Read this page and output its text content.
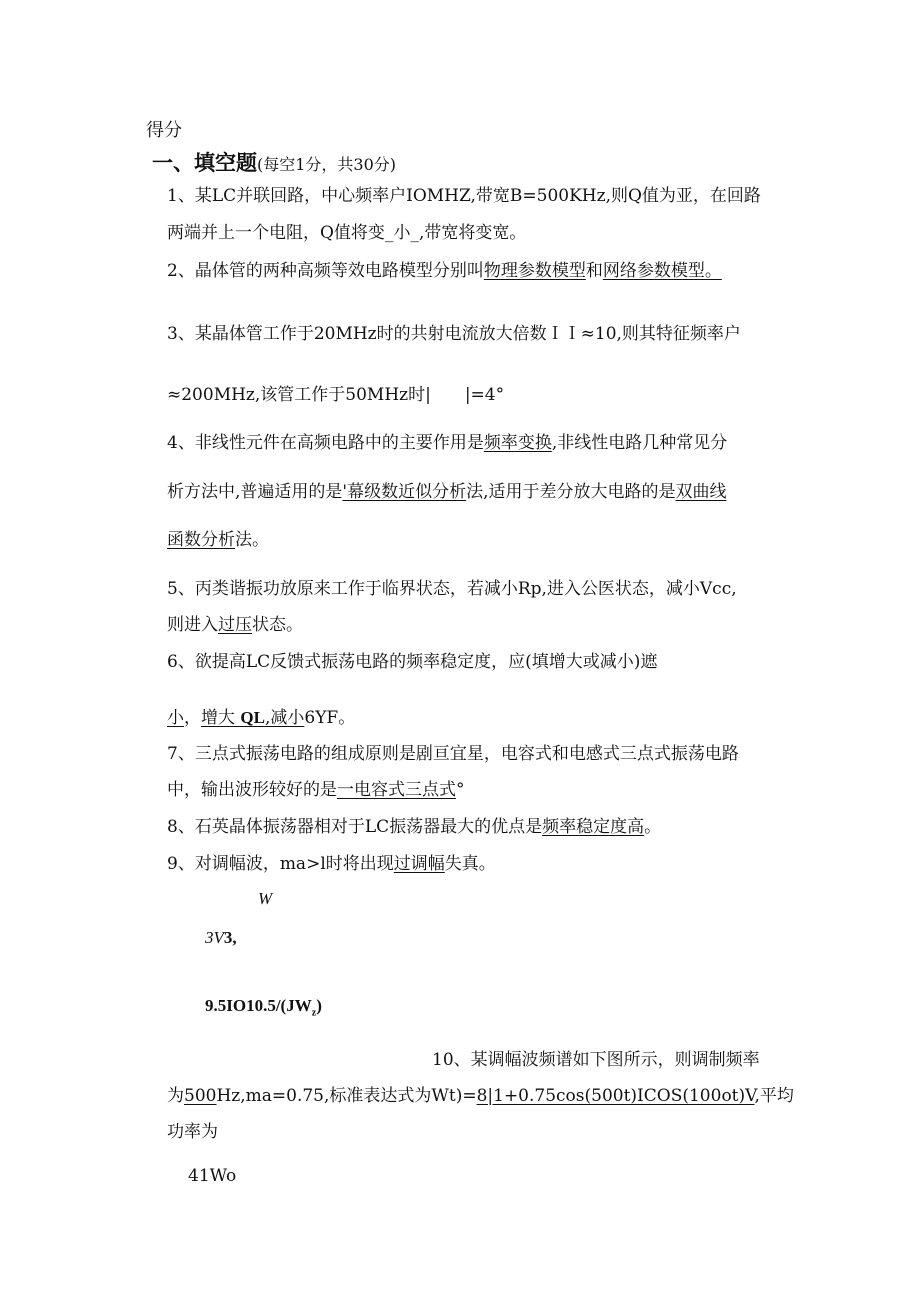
得分
一、填空题(每空1分，共30分)
1、某LC并联回路，中心频率户IOMHZ,带宽B=500KHz,则Q值为亚，在回路
两端并上一个电阻，Q值将变_小_,带宽将变宽。
2、晶体管的两种高频等效电路模型分别叫物理参数模型和网络参数模型。
3、某晶体管工作于20MHz时的共射电流放大倍数ＩＩ≈10,则其特征频率户
≈200MHz,该管工作于50MHz时|　　|=4°
4、非线性元件在高频电路中的主要作用是频率变换,非线性电路几种常见分
析方法中,普遍适用的是'幕级数近似分析法,适用于差分放大电路的是双曲线
函数分析法。
5、丙类谐振功放原来工作于临界状态，若减小Rp,进入公医状态，减小Vcc,
则进入过压状态。
6、欲提高LC反馈式振荡电路的频率稳定度，应(填增大或减小)遮
小，增大 QL,减小6YF。
7、三点式振荡电路的组成原则是剧亘宜星，电容式和电感式三点式振荡电路
中，输出波形较好的是一电容式三点式°
8、石英晶体振荡器相对于LC振荡器最大的优点是频率稳定度高。
9、对调幅波，ma>l时将出现过调幅失真。
W
3V3,
$9.5IO10.5/(JW_z)$
10、某调幅波频谱如下图所示，则调制频率
为500Hz,ma=0.75,标准表达式为Wt)=8|1+0.75cos(500t)ICOS(100ot)V,平均
功率为
41Wo
